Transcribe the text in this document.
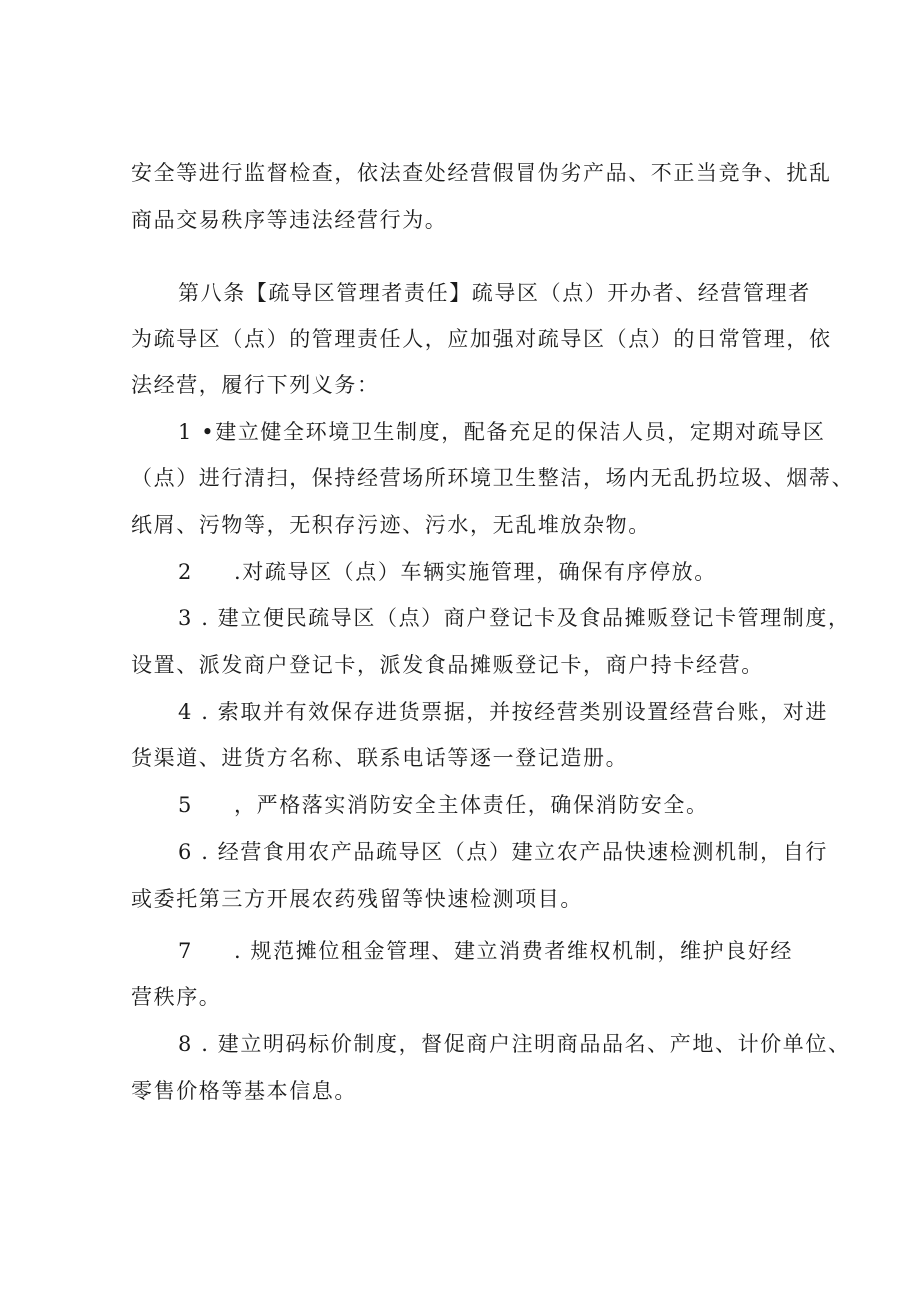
安全等进行监督检查，依法查处经营假冒伪劣产品、不正当竞争、扰乱
商品交易秩序等违法经营行为。
第八条【疏导区管理者责任】疏导区（点）开办者、经营管理者
为疏导区（点）的管理责任人，应加强对疏导区（点）的日常管理，依
法经营，履行下列义务：
1 •建立健全环境卫生制度，配备充足的保洁人员，定期对疏导区
（点）进行清扫，保持经营场所环境卫生整洁，场内无乱扔垃圾、烟蒂、
纸屑、污物等，无积存污迹、污水，无乱堆放杂物。
2 .对疏导区（点）车辆实施管理，确保有序停放。
3 . 建立便民疏导区（点）商户登记卡及食品摊贩登记卡管理制度，
设置、派发商户登记卡，派发食品摊贩登记卡，商户持卡经营。
4 . 索取并有效保存进货票据，并按经营类别设置经营台账，对进
货渠道、进货方名称、联系电话等逐一登记造册。
5 ，严格落实消防安全主体责任，确保消防安全。
6 . 经营食用农产品疏导区（点）建立农产品快速检测机制，自行
或委托第三方开展农药残留等快速检测项目。
7 . 规范摊位租金管理、建立消费者维权机制，维护良好经
营秩序。
8 . 建立明码标价制度，督促商户注明商品品名、产地、计价单位、
零售价格等基本信息。
